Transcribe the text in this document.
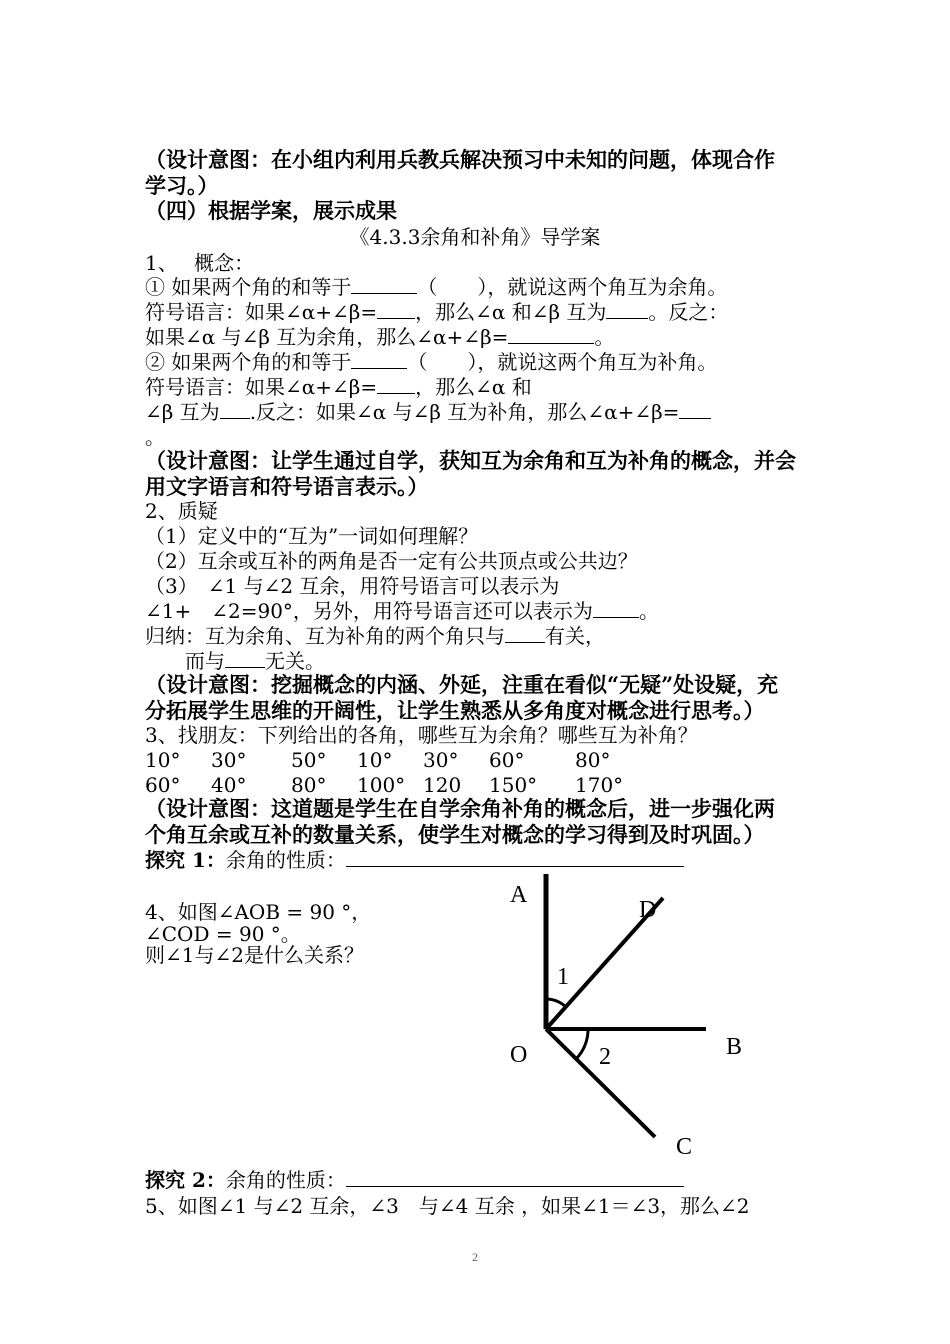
（设计意图：在小组内利用兵教兵解决预习中未知的问题，体现合作
学习。）
（四）根据学案，展示成果
《4.3.3余角和补角》导学案
1、　 概念：
① 如果两个角的和等于	（　　），就说这两个角互为余角。
符号语言：如果∠α+∠β= ，那么∠α 和∠β 互为 。反之：
如果∠α 与∠β 互为余角，那么∠α+∠β=	。
② 如果两个角的和等于	（　　），就说这两个角互为补角。
符号语言：如果∠α+∠β= ，那么∠α 和
∠β 互为 .反之：如果∠α 与∠β 互为补角，那么∠α+∠β=
。
（设计意图：让学生通过自学，获知互为余角和互为补角的概念，并会
用文字语言和符号语言表示。）
2、质疑
（1）定义中的“互为”一词如何理解？
（2）互余或互补的两角是否一定有公共顶点或公共边？
（3）　∠1 与∠2 互余，用符号语言可以表示为
∠1+　∠2=90°，另外，用符号语言还可以表示为 。
归纳：互为余角、互为补角的两个角只与 有关，
　　而与 无关。
（设计意图：挖掘概念的内涵、外延，注重在看似“无疑”处设疑，充
分拓展学生思维的开阔性，让学生熟悉从多角度对概念进行思考。）
3、找朋友：下列给出的各角，哪些互为余角？哪些互为补角？
10° 30° 50° 10° 30° 60°	80°
60° 40° 80° 100° 120 150° 170°
（设计意图：这道题是学生在自学余角补角的概念后，进一步强化两
个角互余或互补的数量关系，使学生对概念的学习得到及时巩固。）
探究 1：余角的性质：
4、如图∠AOB = 90 °，
∠COD = 90 °。
则∠1与∠2是什么关系？
A
D
1
B
O	2
C
探究 2：余角的性质：
5、如图∠1 与∠2 互余，∠3　与∠4 互余 ，如果∠1＝∠3，那么∠2
2
